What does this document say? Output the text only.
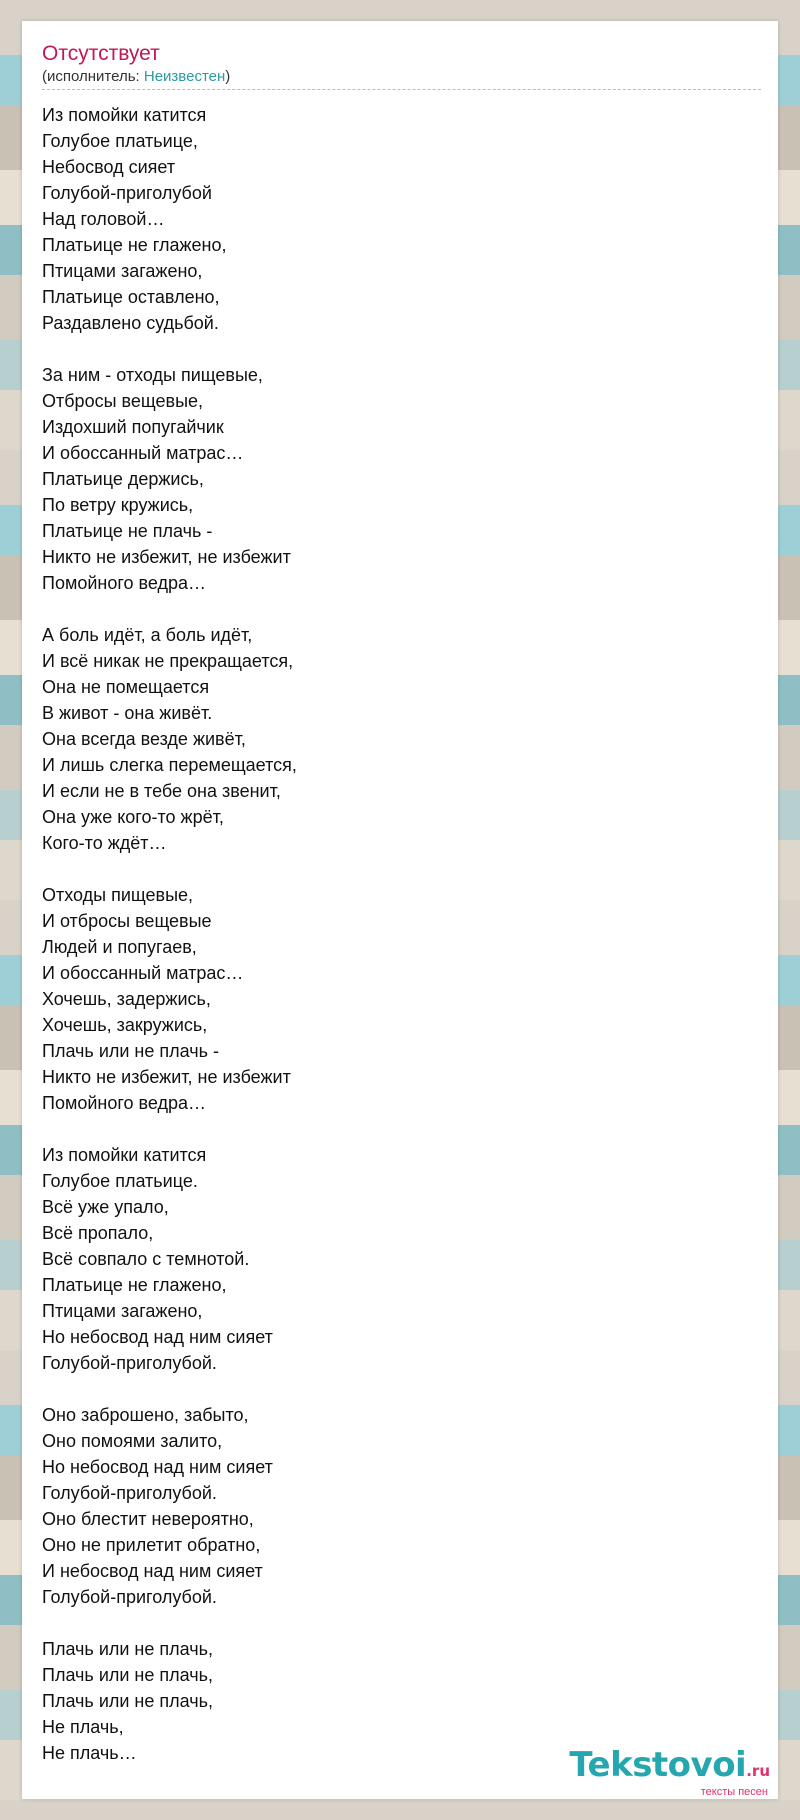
Отсутствует
(исполнитель: Неизвестен)
Из помойки катится
Голубое платьице,
Небосвод сияет
Голубой-приголубой
Над головой…
Платьице не глажено,
Птицами загажено,
Платьице оставлено,
Раздавлено судьбой.
За ним - отходы пищевые,
Отбросы вещевые,
Издохший попугайчик
И обоссанный матрас…
Платьице держись,
По ветру кружись,
Платьице не плачь -
Никто не избежит, не избежит
Помойного ведра…
А боль идёт, а боль идёт,
И всё никак не прекращается,
Она не помещается
В живот - она живёт.
Она всегда везде живёт,
И лишь слегка перемещается,
И если не в тебе она звенит,
Она уже кого-то жрёт,
Кого-то ждёт…
Отходы пищевые,
И отбросы вещевые
Людей и попугаев,
И обоссанный матрас…
Хочешь, задержись,
Хочешь, закружись,
Плачь или не плачь -
Никто не избежит, не избежит
Помойного ведра…
Из помойки катится
Голубое платьице.
Всё уже упало,
Всё пропало,
Всё совпало с темнотой.
Платьице не глажено,
Птицами загажено,
Но небосвод над ним сияет
Голубой-приголубой.
Оно заброшено, забыто,
Оно помоями залито,
Но небосвод над ним сияет
Голубой-приголубой.
Оно блестит невероятно,
Оно не прилетит обратно,
И небосвод над ним сияет
Голубой-приголубой.
Плачь или не плачь,
Плачь или не плачь,
Плачь или не плачь,
Не плачь,
Не плачь…	Tekstovoi.ru
тексты песен
